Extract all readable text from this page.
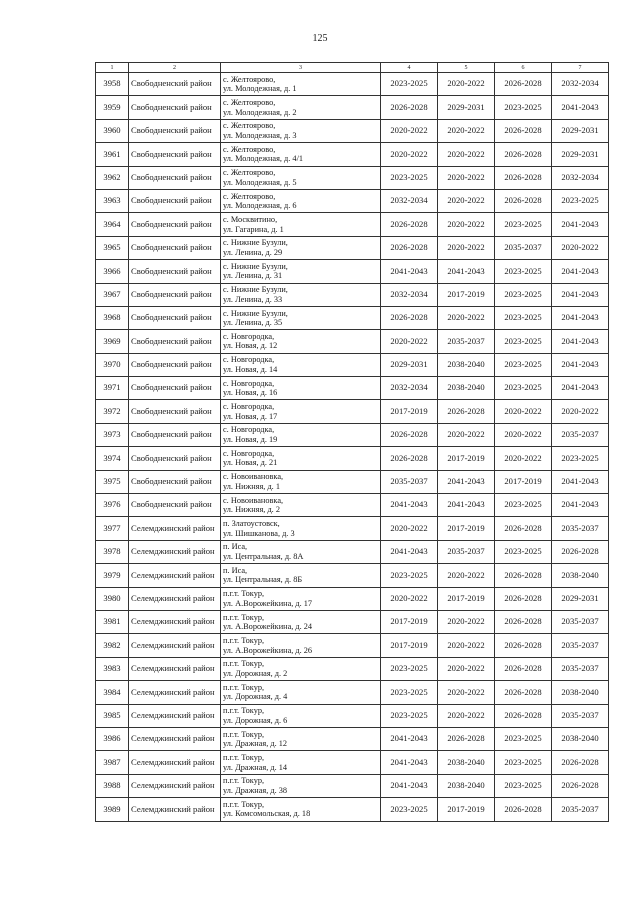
125
1	2	3	4	5	6	7
3958	Свободненский район	с. Желтоярово,
ул. Молодежная, д. 1	2023-2025	2020-2022	2026-2028	2032-2034
3959	Свободненский район	с. Желтоярово,
ул. Молодежная, д. 2	2026-2028	2029-2031	2023-2025	2041-2043
3960	Свободненский район	с. Желтоярово,
ул. Молодежная, д. 3	2020-2022	2020-2022	2026-2028	2029-2031
3961	Свободненский район	с. Желтоярово,
ул. Молодежная, д. 4/1	2020-2022	2020-2022	2026-2028	2029-2031
3962	Свободненский район	с. Желтоярово,
ул. Молодежная, д. 5	2023-2025	2020-2022	2026-2028	2032-2034
3963	Свободненский район	с. Желтоярово,
ул. Молодежная, д. 6	2032-2034	2020-2022	2026-2028	2023-2025
3964	Свободненский район	с. Москвитино,
ул. Гагарина, д. 1	2026-2028	2020-2022	2023-2025	2041-2043
3965	Свободненский район	с. Нижние Бузули,
ул. Ленина, д. 29	2026-2028	2020-2022	2035-2037	2020-2022
3966	Свободненский район	с. Нижние Бузули,
ул. Ленина, д. 31	2041-2043	2041-2043	2023-2025	2041-2043
3967	Свободненский район	с. Нижние Бузули,
ул. Ленина, д. 33	2032-2034	2017-2019	2023-2025	2041-2043
3968	Свободненский район	с. Нижние Бузули,
ул. Ленина, д. 35	2026-2028	2020-2022	2023-2025	2041-2043
3969	Свободненский район	с. Новгородка,
ул. Новая, д. 12	2020-2022	2035-2037	2023-2025	2041-2043
3970	Свободненский район	с. Новгородка,
ул. Новая, д. 14	2029-2031	2038-2040	2023-2025	2041-2043
3971	Свободненский район	с. Новгородка,
ул. Новая, д. 16	2032-2034	2038-2040	2023-2025	2041-2043
3972	Свободненский район	с. Новгородка,
ул. Новая, д. 17	2017-2019	2026-2028	2020-2022	2020-2022
3973	Свободненский район	с. Новгородка,
ул. Новая, д. 19	2026-2028	2020-2022	2020-2022	2035-2037
3974	Свободненский район	с. Новгородка,
ул. Новая, д. 21	2026-2028	2017-2019	2020-2022	2023-2025
3975	Свободненский район	с. Новоивановка,
ул. Нижняя, д. 1	2035-2037	2041-2043	2017-2019	2041-2043
3976	Свободненский район	с. Новоивановка,
ул. Нижняя, д. 2	2041-2043	2041-2043	2023-2025	2041-2043
3977	Селемджинский район	п. Златоустовск,
ул. Шишканова, д. 3	2020-2022	2017-2019	2026-2028	2035-2037
3978	Селемджинский район	п. Иса,
ул. Центральная, д. 8А	2041-2043	2035-2037	2023-2025	2026-2028
3979	Селемджинский район	п. Иса,
ул. Центральная, д. 8Б	2023-2025	2020-2022	2026-2028	2038-2040
3980	Селемджинский район	п.г.т. Токур,
ул. А.Ворожейкина, д. 17	2020-2022	2017-2019	2026-2028	2029-2031
3981	Селемджинский район	п.г.т. Токур,
ул. А.Ворожейкина, д. 24	2017-2019	2020-2022	2026-2028	2035-2037
3982	Селемджинский район	п.г.т. Токур,
ул. А.Ворожейкина, д. 26	2017-2019	2020-2022	2026-2028	2035-2037
3983	Селемджинский район	п.г.т. Токур,
ул. Дорожная, д. 2	2023-2025	2020-2022	2026-2028	2035-2037
3984	Селемджинский район	п.г.т. Токур,
ул. Дорожная, д. 4	2023-2025	2020-2022	2026-2028	2038-2040
3985	Селемджинский район	п.г.т. Токур,
ул. Дорожная, д. 6	2023-2025	2020-2022	2026-2028	2035-2037
3986	Селемджинский район	п.г.т. Токур,
ул. Дражная, д. 12	2041-2043	2026-2028	2023-2025	2038-2040
3987	Селемджинский район	п.г.т. Токур,
ул. Дражная, д. 14	2041-2043	2038-2040	2023-2025	2026-2028
3988	Селемджинский район	п.г.т. Токур,
ул. Дражная, д. 38	2041-2043	2038-2040	2023-2025	2026-2028
3989	Селемджинский район	п.г.т. Токур,
ул. Комсомольская, д. 18	2023-2025	2017-2019	2026-2028	2035-2037
